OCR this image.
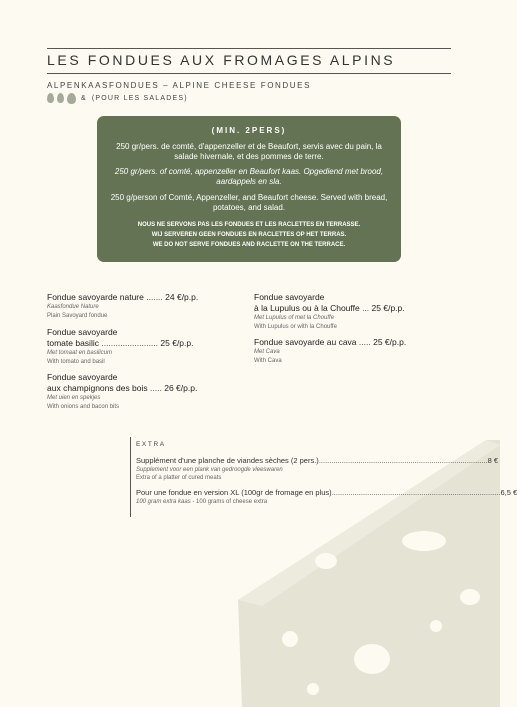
LES FONDUES AUX FROMAGES ALPINS
ALPENKAASFONDUES – ALPINE CHEESE FONDUES
& (POUR LES SALADES)
(MIN. 2PERS)
250 gr/pers. de comté, d'appenzeller et de Beaufort, servis avec du pain, la salade hivernale, et des pommes de terre.
250 gr/pers. of comté, appenzeller en Beaufort kaas. Opgediend met brood, aardappels en sla.
250 g/person of Comté, Appenzeller, and Beaufort cheese. Served with bread, potatoes, and salad.
NOUS NE SERVONS PAS LES FONDUES ET LES RACLETTES EN TERRASSE.
WIJ SERVEREN GEEN FONDUES EN RACLETTES OP HET TERRAS.
WE DO NOT SERVE FONDUES AND RACLETTE ON THE TERRACE.
Fondue savoyarde nature ....... 24 €/p.p.
Kaasfondue Nature
Plain Savoyard fondue
Fondue savoyarde
tomate basilic ........................ 25 €/p.p.
Met tomaat en basilicum
With tomato and basil
Fondue savoyarde
aux champignons des bois ..... 26 €/p.p.
Met uien en spekjes
With onions and bacon bits
Fondue savoyarde
à la Lupulus ou à la Chouffe ... 25 €/p.p.
Met Lupulus of met la Chouffe
With Lupulus or with la Chouffe
Fondue savoyarde au cava ..... 25 €/p.p.
Met Cava
With Cava
EXTRA
Supplément d'une planche de viandes sèches (2 pers.) ................................................................................. 8 €
Supplement voor een plank van gedroogde vleeswaren
Extra of a platter of cured meats
Pour une fondue en version XL (100gr de fromage en plus) ................................................................................. 6,5 €
100 gram extra kaas - 100 grams of cheese extra
